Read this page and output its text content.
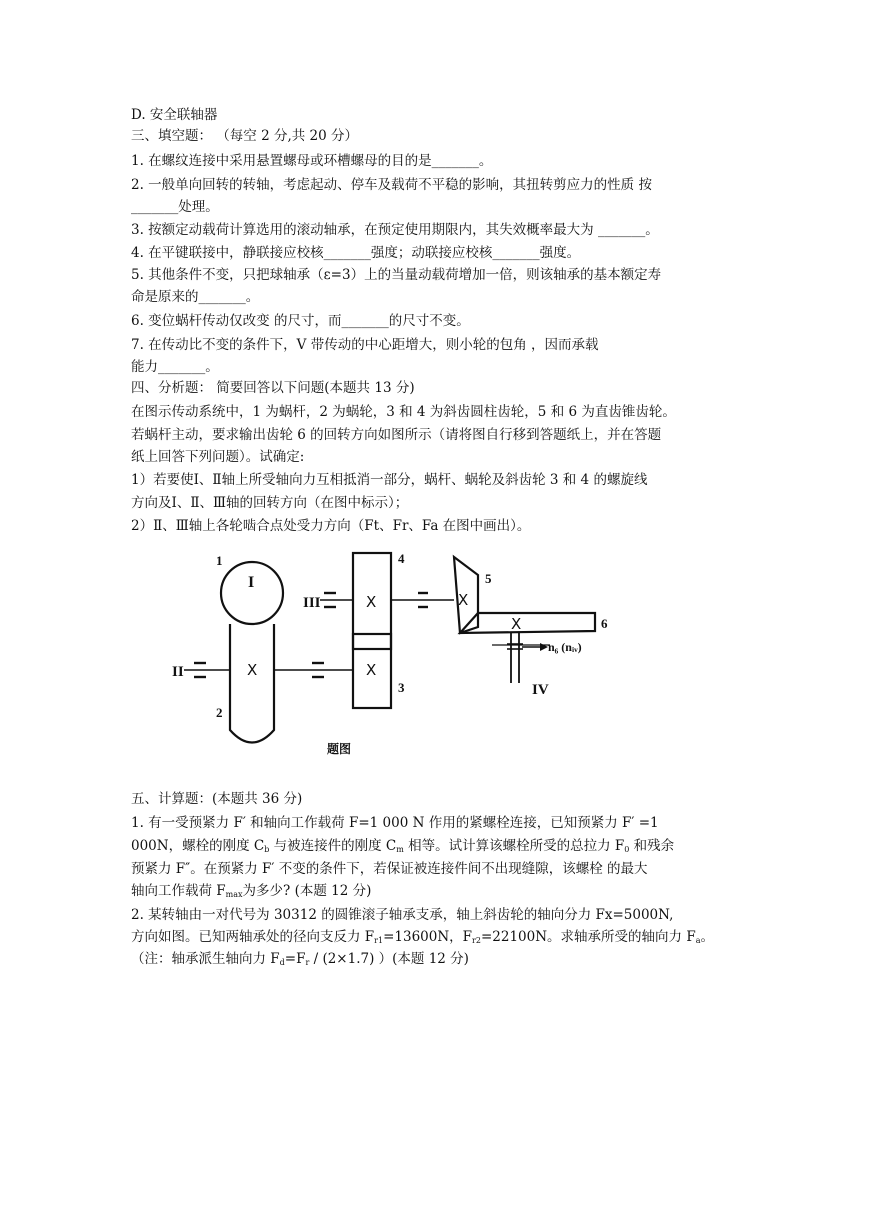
D. 安全联轴器
三、填空题： （每空 2 分,共 20 分）
1. 在螺纹连接中采用悬置螺母或环槽螺母的目的是_______。
2. 一般单向回转的转轴，考虑起动、停车及载荷不平稳的影响，其扭转剪应力的性质 按
_______处理。
3. 按额定动载荷计算选用的滚动轴承，在预定使用期限内，其失效概率最大为 _______。
4. 在平键联接中，静联接应校核_______强度；动联接应校核_______强度。
5. 其他条件不变，只把球轴承（ε=3）上的当量动载荷增加一倍，则该轴承的基本额定寿
命是原来的_______。
6. 变位蜗杆传动仅改变 的尺寸，而_______的尺寸不变。
7. 在传动比不变的条件下，V 带传动的中心距增大，则小轮的包角 ，因而承载
能力_______。
四、分析题： 简要回答以下问题(本题共 13 分)
在图示传动系统中，1 为蜗杆，2 为蜗轮，3 和 4 为斜齿圆柱齿轮，5 和 6 为直齿锥齿轮。
若蜗杆主动，要求输出齿轮 6 的回转方向如图所示（请将图自行移到答题纸上，并在答题
纸上回答下列问题）。试确定:
1）若要使Ⅰ、Ⅱ轴上所受轴向力互相抵消一部分，蜗杆、蜗轮及斜齿轮 3 和 4 的螺旋线
方向及Ⅰ、Ⅱ、Ⅲ轴的回转方向（在图中标示）；
2）Ⅱ、Ⅲ轴上各轮啮合点处受力方向（Ft、Fr、Fa 在图中画出）。
1
2
3
4
5
6
I
II
III
IV
n₆ (nᵢᵥ)
X
X
X
X
X
题图
五、计算题：(本题共 36 分)
1. 有一受预紧力 F′ 和轴向工作载荷 F=1 000 N 作用的紧螺栓连接，已知预紧力 F′ =1
000N，螺栓的刚度 $C_b$ 与被连接件的刚度 $C_m$ 相等。试计算该螺栓所受的总拉力 $F_0$ 和残余
预紧力 F″。在预紧力 F′ 不变的条件下，若保证被连接件间不出现缝隙，该螺栓 的最大
轴向工作载荷 $F_{max}$为多少? (本题 12 分)
2. 某转轴由一对代号为 30312 的圆锥滚子轴承支承，轴上斜齿轮的轴向分力 Fx=5000N,
方向如图。已知两轴承处的径向支反力 $F_{r1}=13600N$，$F_{r2}=22100N$。求轴承所受的轴向力 $F_a$。
（注：轴承派生轴向力 $F_d=F_r / (2\times 1.7)$ ）(本题 12 分)
